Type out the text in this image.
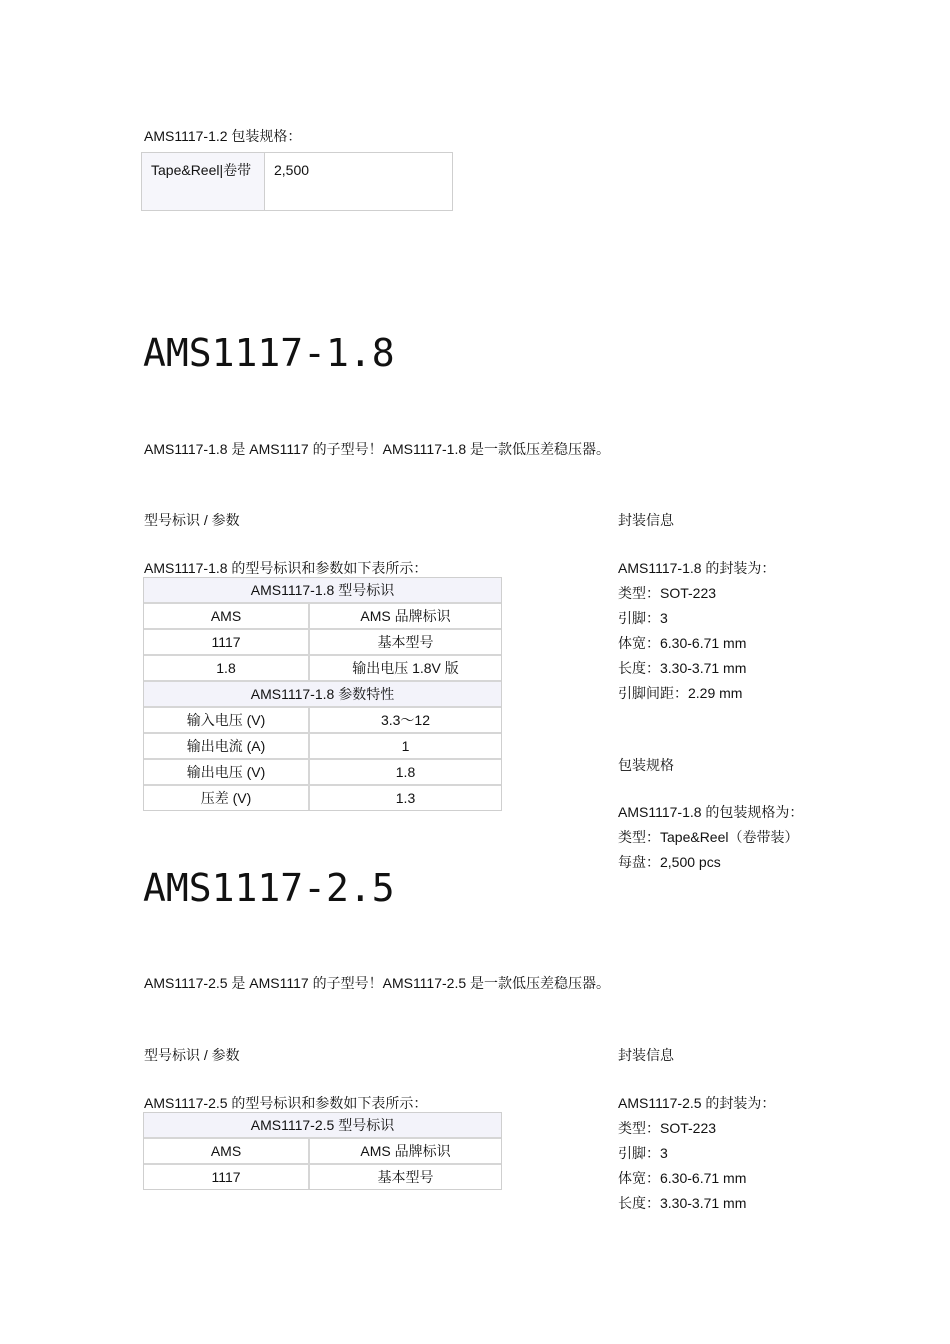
AMS1117-1.2 包装规格：
Tape&Reel|卷带	2,500
AMS1117-1.8
AMS1117-1.8 是 AMS1117 的子型号！AMS1117-1.8 是一款低压差稳压器。
型号标识 / 参数
AMS1117-1.8 的型号标识和参数如下表所示：
AMS1117-1.8 型号标识	
AMS	AMS 品牌标识
1117	基本型号
1.8	输出电压 1.8V 版
AMS1117-1.8 参数特性	
输入电压 (V)	3.3～12
输出电流 (A)	1
输出电压 (V)	1.8
压差 (V)	1.3
封装信息
AMS1117-1.8 的封装为：
类型：SOT-223
引脚：3
体宽：6.30-6.71 mm
长度：3.30-3.71 mm
引脚间距：2.29 mm
包装规格
AMS1117-1.8 的包装规格为：
类型：Tape&Reel（卷带装）
每盘：2,500 pcs
AMS1117-2.5
AMS1117-2.5 是 AMS1117 的子型号！AMS1117-2.5 是一款低压差稳压器。
型号标识 / 参数
AMS1117-2.5 的型号标识和参数如下表所示：
AMS1117-2.5 型号标识	
AMS	AMS 品牌标识
1117	基本型号
封装信息
AMS1117-2.5 的封装为：
类型：SOT-223
引脚：3
体宽：6.30-6.71 mm
长度：3.30-3.71 mm
